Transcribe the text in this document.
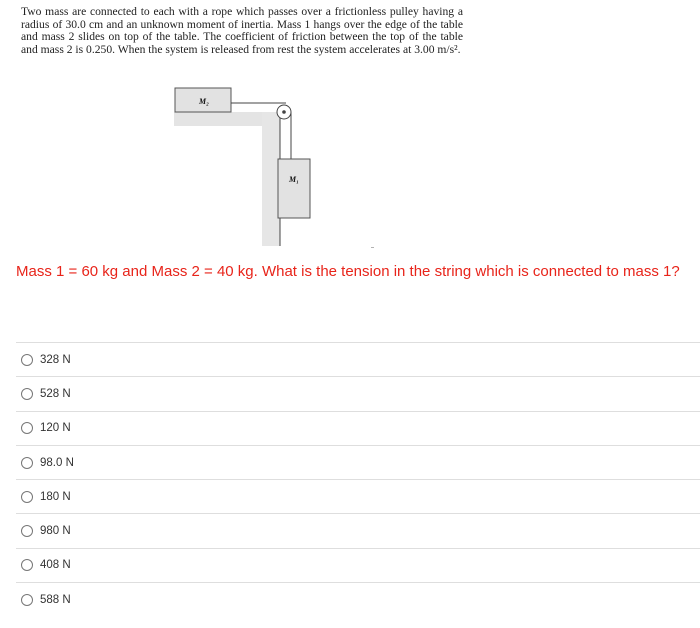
Two mass are connected to each with a rope which passes over a frictionless pulley having a radius of 30.0 cm and an unknown moment of inertia. Mass 1 hangs over the edge of the table and mass 2 slides on top of the table. The coefficient of friction between the top of the table and mass 2 is 0.250. When the system is released from rest the system accelerates at 3.00 m/s².
M₂
M₁
Mass 1 = 60 kg and Mass 2 = 40 kg. What is the tension in the string which is connected to mass 1?
328 N
528 N
120 N
98.0 N
180 N
980 N
408 N
588 N
